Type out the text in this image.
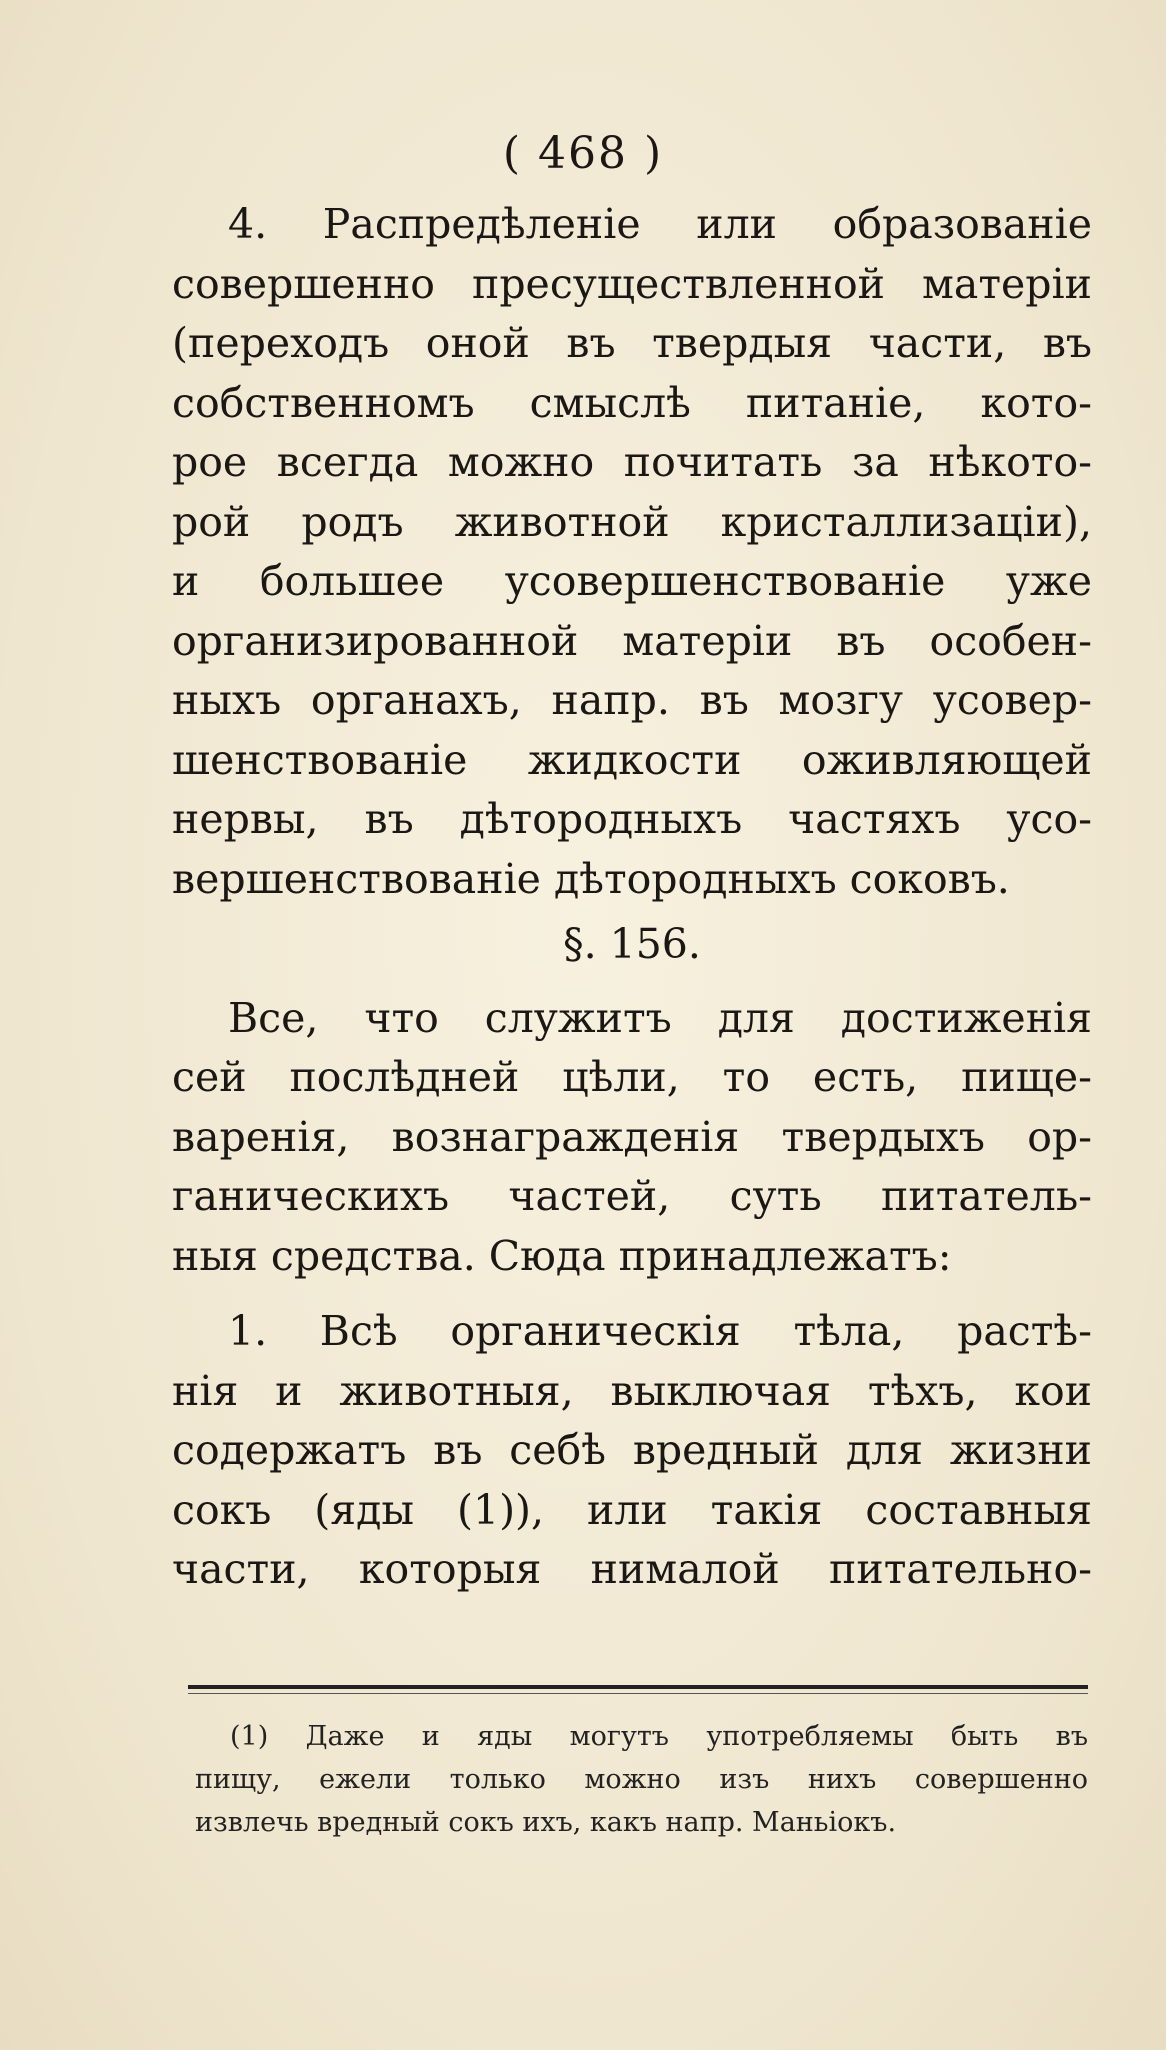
( 468 )
4. Распредѣленіе или образованіе
совершенно пресуществленной матеріи
(переходъ оной въ твердыя части, въ
собственномъ смыслѣ питаніе, кото-
рое всегда можно почитать за нѣкото-
рой родъ животной кристаллизаціи),
и большее усовершенствованіе уже
организированной матеріи въ особен-
ныхъ органахъ, напр. въ мозгу усовер-
шенствованіе жидкости оживляющей
нервы, въ дѣтородныхъ частяхъ усо-
вершенствованіе дѣтородныхъ соковъ.
§. 156.
Все, что служитъ для достиженія
сей послѣдней цѣли, то есть, пище-
варенія, вознагражденія твердыхъ ор-
ганическихъ частей, суть питатель-
ныя средства. Сюда принадлежатъ:
1. Всѣ органическія тѣла, растѣ-
нія и животныя, выключая тѣхъ, кои
содержатъ въ себѣ вредный для жизни
сокъ (яды (1)), или такія составныя
части, которыя нималой питательно-
(1) Даже и яды могутъ употребляемы быть въ
пищу, ежели только можно изъ нихъ совершенно
извлечь вредный сокъ ихъ, какъ напр. Маньіокъ.
